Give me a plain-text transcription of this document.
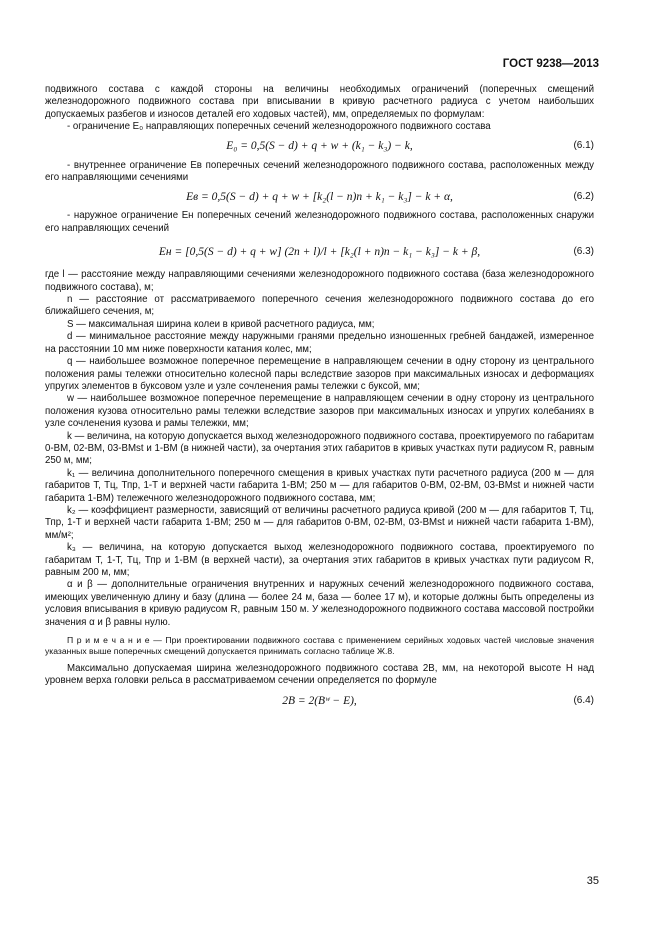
ГОСТ 9238—2013

подвижного состава с каждой стороны на величины необходимых ограничений (поперечных смещений железнодорожного подвижного состава при вписывании в кривую расчетного радиуса с учетом наибольших допускаемых разбегов и износов деталей его ходовых частей), мм, определяемых по формулам:

- ограничение E₀ направляющих поперечных сечений железнодорожного подвижного состава

E₀ = 0,5(S − d) + q + w + (k₁ − k₃) − k,	(6.1)

- внутреннее ограничение Eв поперечных сечений железнодорожного подвижного состава, расположенных между его направляющими сечениями

Eв = 0,5(S − d) + q + w + [k₂(l − n)n + k₁ − k₃] − k + α,	(6.2)

- наружное ограничение Eн поперечных сечений железнодорожного подвижного состава, расположенных снаружи его направляющих сечений

Eн = [0,5(S − d) + q + w] (2n + l)/l + [k₂(l + n)n − k₁ − k₃] − k + β,	(6.3)

где l — расстояние между направляющими сечениями железнодорожного подвижного состава (база железнодорожного подвижного состава), м;

n — расстояние от рассматриваемого поперечного сечения железнодорожного подвижного состава до его ближайшего сечения, м;

S — максимальная ширина колеи в кривой расчетного радиуса, мм;

d — минимальное расстояние между наружными гранями предельно изношенных гребней бандажей, измеренное на расстоянии 10 мм ниже поверхности катания колес, мм;

q — наибольшее возможное поперечное перемещение в направляющем сечении в одну сторону из центрального положения рамы тележки относительно колесной пары вследствие зазоров при максимальных износах и деформациях упругих элементов в буксовом узле и узле сочленения рамы тележки с буксой, мм;

w — наибольшее возможное поперечное перемещение в направляющем сечении в одну сторону из центрального положения кузова относительно рамы тележки вследствие зазоров при максимальных износах и упругих колебаниях в узле сочленения кузова и рамы тележки, мм;

k — величина, на которую допускается выход железнодорожного подвижного состава, проектируемого по габаритам 0-ВМ, 02-ВМ, 03-ВМst и 1-ВМ (в нижней части), за очертания этих габаритов в кривых участках пути радиусом R, равным 250 м, мм;

k₁ — величина дополнительного поперечного смещения в кривых участках пути расчетного радиуса (200 м — для габаритов Т, Тц, Тпр, 1-Т и верхней части габарита 1-ВМ; 250 м — для габаритов 0-ВМ, 02-ВМ, 03-ВМst и нижней части габарита 1-ВМ) тележечного железнодорожного подвижного состава, мм;

k₂ — коэффициент размерности, зависящий от величины расчетного радиуса кривой (200 м — для габаритов Т, Тц, Тпр, 1-Т и верхней части габарита 1-ВМ; 250 м — для габаритов 0-ВМ, 02-ВМ, 03-ВМst и нижней части габарита 1-ВМ), мм/м²;

k₃ — величина, на которую допускается выход железнодорожного подвижного состава, проектируемого по габаритам Т, 1-Т, Тц, Тпр и 1-ВМ (в верхней части), за очертания этих габаритов в кривых участках пути радиусом R, равным 200 м, мм;

α и β — дополнительные ограничения внутренних и наружных сечений железнодорожного подвижного состава, имеющих увеличенную длину и базу (длина — более 24 м, база — более 17 м), и которые должны быть определены из условия вписывания в кривую радиусом R, равным 150 м. У железнодорожного подвижного состава массовой постройки значения α и β равны нулю.

П р и м е ч а н и е — При проектировании подвижного состава с применением серийных ходовых частей числовые значения указанных выше поперечных смещений допускается принимать согласно таблице Ж.8.

Максимально допускаемая ширина железнодорожного подвижного состава 2В, мм, на некоторой высоте Н над уровнем верха головки рельса в рассматриваемом сечении определяется по формуле

2B = 2(Bʷ − E),	(6.4)
35
